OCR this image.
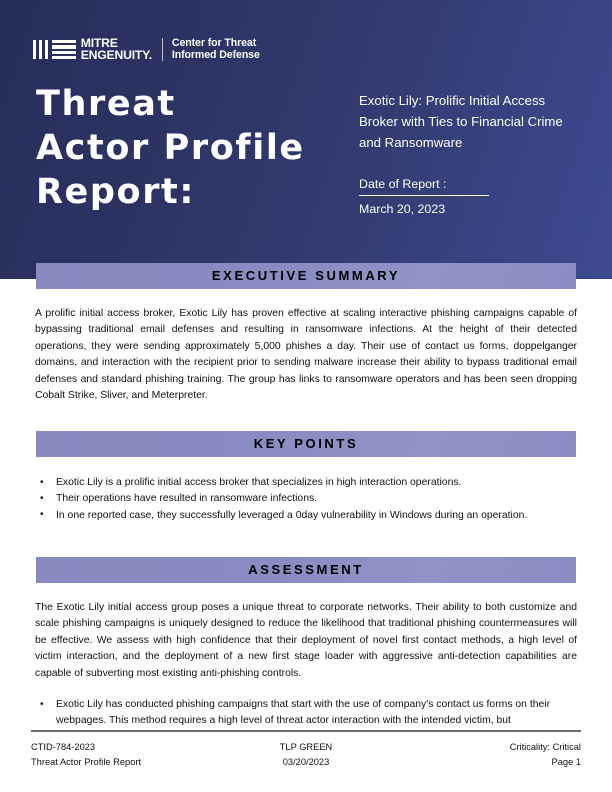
MITRE
ENGENUITY.
Center for Threat
Informed Defense
Threat
Actor Profile
Report:
Exotic Lily: Prolific Initial Access Broker with Ties to Financial Crime and Ransomware
Date of Report :
March 20, 2023
EXECUTIVE SUMMARY
A prolific initial access broker, Exotic Lily has proven effective at scaling interactive phishing campaigns capable of bypassing traditional email defenses and resulting in ransomware infections. At the height of their detected operations, they were sending approximately 5,000 phishes a day. Their use of contact us forms, doppelganger domains, and interaction with the recipient prior to sending malware increase their ability to bypass traditional email defenses and standard phishing training. The group has links to ransomware operators and has been seen dropping Cobalt Strike, Sliver, and Meterpreter.
KEY POINTS
• Exotic Lily is a prolific initial access broker that specializes in high interaction operations.
• Their operations have resulted in ransomware infections.
• In one reported case, they successfully leveraged a 0day vulnerability in Windows during an operation.
ASSESSMENT
The Exotic Lily initial access group poses a unique threat to corporate networks. Their ability to both customize and scale phishing campaigns is uniquely designed to reduce the likelihood that traditional phishing countermeasures will be effective. We assess with high confidence that their deployment of novel first contact methods, a high level of victim interaction, and the deployment of a new first stage loader with aggressive anti-detection capabilities are capable of subverting most existing anti-phishing controls.
• Exotic Lily has conducted phishing campaigns that start with the use of company's contact us forms on their webpages. This method requires a high level of threat actor interaction with the intended victim, but
CTID-784-2023	TLP GREEN	Criticality: Critical
Threat Actor Profile Report	03/20/2023	Page 1
